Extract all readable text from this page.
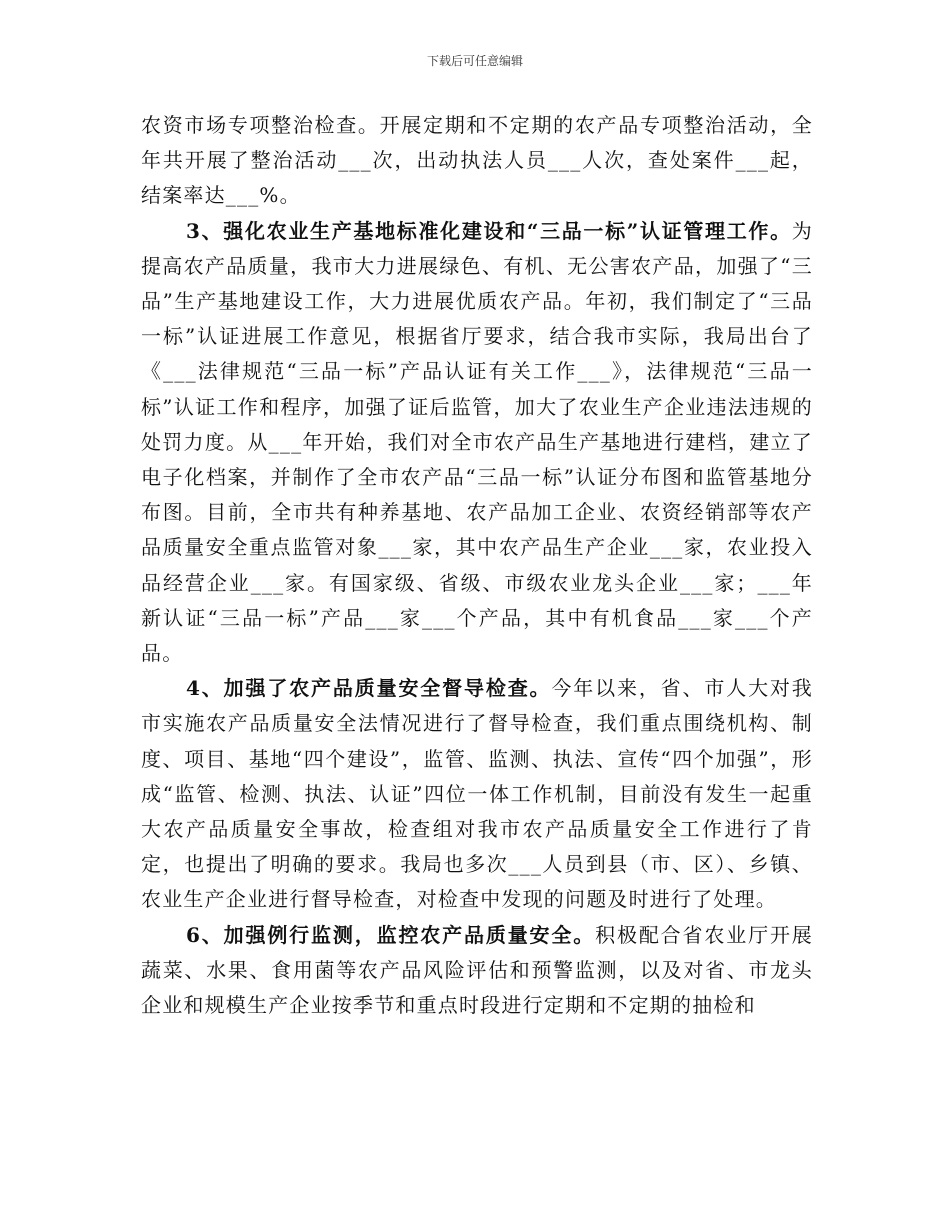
下载后可任意编辑

农资市场专项整治检查。开展定期和不定期的农产品专项整治活动，全年共开展了整治活动___次，出动执法人员___人次，查处案件___起，结案率达___%。

3、强化农业生产基地标准化建设和“三品一标”认证管理工作。为提高农产品质量，我市大力进展绿色、有机、无公害农产品，加强了“三品”生产基地建设工作，大力进展优质农产品。年初，我们制定了“三品一标”认证进展工作意见，根据省厅要求，结合我市实际，我局出台了《___法律规范“三品一标”产品认证有关工作___》，法律规范“三品一标”认证工作和程序，加强了证后监管，加大了农业生产企业违法违规的处罚力度。从___年开始，我们对全市农产品生产基地进行建档，建立了电子化档案，并制作了全市农产品“三品一标”认证分布图和监管基地分布图。目前，全市共有种养基地、农产品加工企业、农资经销部等农产品质量安全重点监管对象___家，其中农产品生产企业___家，农业投入品经营企业___家。有国家级、省级、市级农业龙头企业___家；___年新认证“三品一标”产品___家___个产品，其中有机食品___家___个产品。

4、加强了农产品质量安全督导检查。今年以来，省、市人大对我市实施农产品质量安全法情况进行了督导检查，我们重点围绕机构、制度、项目、基地“四个建设”，监管、监测、执法、宣传“四个加强”，形成“监管、检测、执法、认证”四位一体工作机制，目前没有发生一起重大农产品质量安全事故，检查组对我市农产品质量安全工作进行了肯定，也提出了明确的要求。我局也多次___人员到县（市、区）、乡镇、农业生产企业进行督导检查，对检查中发现的问题及时进行了处理。

6、加强例行监测，监控农产品质量安全。积极配合省农业厅开展蔬菜、水果、食用菌等农产品风险评估和预警监测，以及对省、市龙头企业和规模生产企业按季节和重点时段进行定期和不定期的抽检和
